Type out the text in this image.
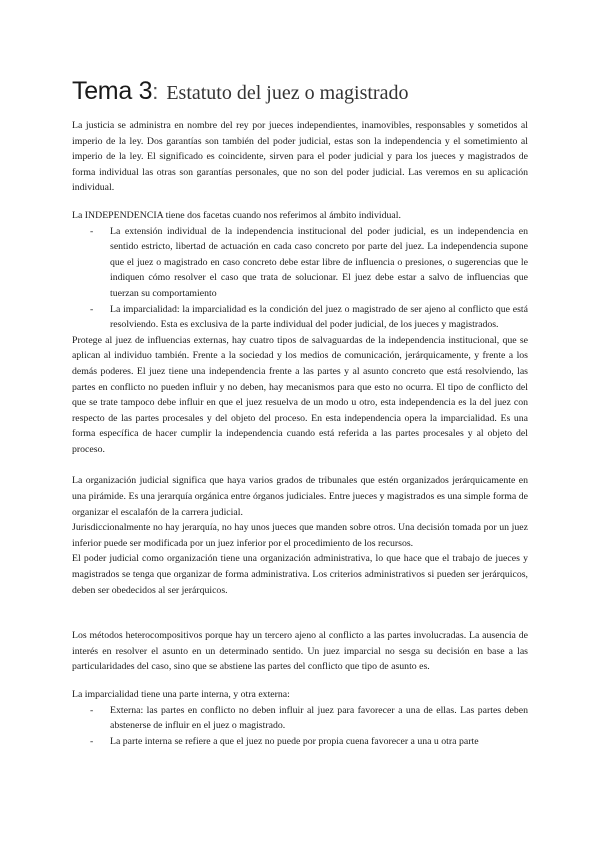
Tema 3: Estatuto del juez o magistrado

La justicia se administra en nombre del rey por jueces independientes, inamovibles, responsables y sometidos al imperio de la ley. Dos garantías son también del poder judicial, estas son la independencia y el sometimiento al imperio de la ley. El significado es coincidente, sirven para el poder judicial y para los jueces y magistrados de forma individual las otras son garantías personales, que no son del poder judicial. Las veremos en su aplicación individual.

La INDEPENDENCIA tiene dos facetas cuando nos referimos al ámbito individual.

- La extensión individual de la independencia institucional del poder judicial, es un independencia en sentido estricto, libertad de actuación en cada caso concreto por parte del juez. La independencia supone que el juez o magistrado en caso concreto debe estar libre de influencia o presiones, o sugerencias que le indiquen cómo resolver el caso que trata de solucionar. El juez debe estar a salvo de influencias que tuerzan su comportamiento
- La imparcialidad: la imparcialidad es la condición del juez o magistrado de ser ajeno al conflicto que está resolviendo. Esta es exclusiva de la parte individual del poder judicial, de los jueces y magistrados.

Protege al juez de influencias externas, hay cuatro tipos de salvaguardas de la independencia institucional, que se aplican al individuo también. Frente a la sociedad y los medios de comunicación, jerárquicamente, y frente a los demás poderes. El juez tiene una independencia frente a las partes y al asunto concreto que está resolviendo, las partes en conflicto no pueden influir y no deben, hay mecanismos para que esto no ocurra. El tipo de conflicto del que se trate tampoco debe influir en que el juez resuelva de un modo u otro, esta independencia es la del juez con respecto de las partes procesales y del objeto del proceso. En esta independencia opera la imparcialidad. Es una forma específica de hacer cumplir la independencia cuando está referida a las partes procesales y al objeto del proceso.

La organización judicial significa que haya varios grados de tribunales que estén organizados jerárquicamente en una pirámide. Es una jerarquía orgánica entre órganos judiciales. Entre jueces y magistrados es una simple forma de organizar el escalafón de la carrera judicial.

Jurisdiccionalmente no hay jerarquía, no hay unos jueces que manden sobre otros. Una decisión tomada por un juez inferior puede ser modificada por un juez inferior por el procedimiento de los recursos.

El poder judicial como organización tiene una organización administrativa, lo que hace que el trabajo de jueces y magistrados se tenga que organizar de forma administrativa. Los criterios administrativos si pueden ser jerárquicos, deben ser obedecidos al ser jerárquicos.

Los métodos heterocompositivos porque hay un tercero ajeno al conflicto a las partes involucradas. La ausencia de interés en resolver el asunto en un determinado sentido. Un juez imparcial no sesga su decisión en base a las particularidades del caso, sino que se abstiene las partes del conflicto que tipo de asunto es.

La imparcialidad tiene una parte interna, y otra externa:

- Externa: las partes en conflicto no deben influir al juez para favorecer a una de ellas. Las partes deben abstenerse de influir en el juez o magistrado.
- La parte interna se refiere a que el juez no puede por propia cuena favorecer a una u otra parte
